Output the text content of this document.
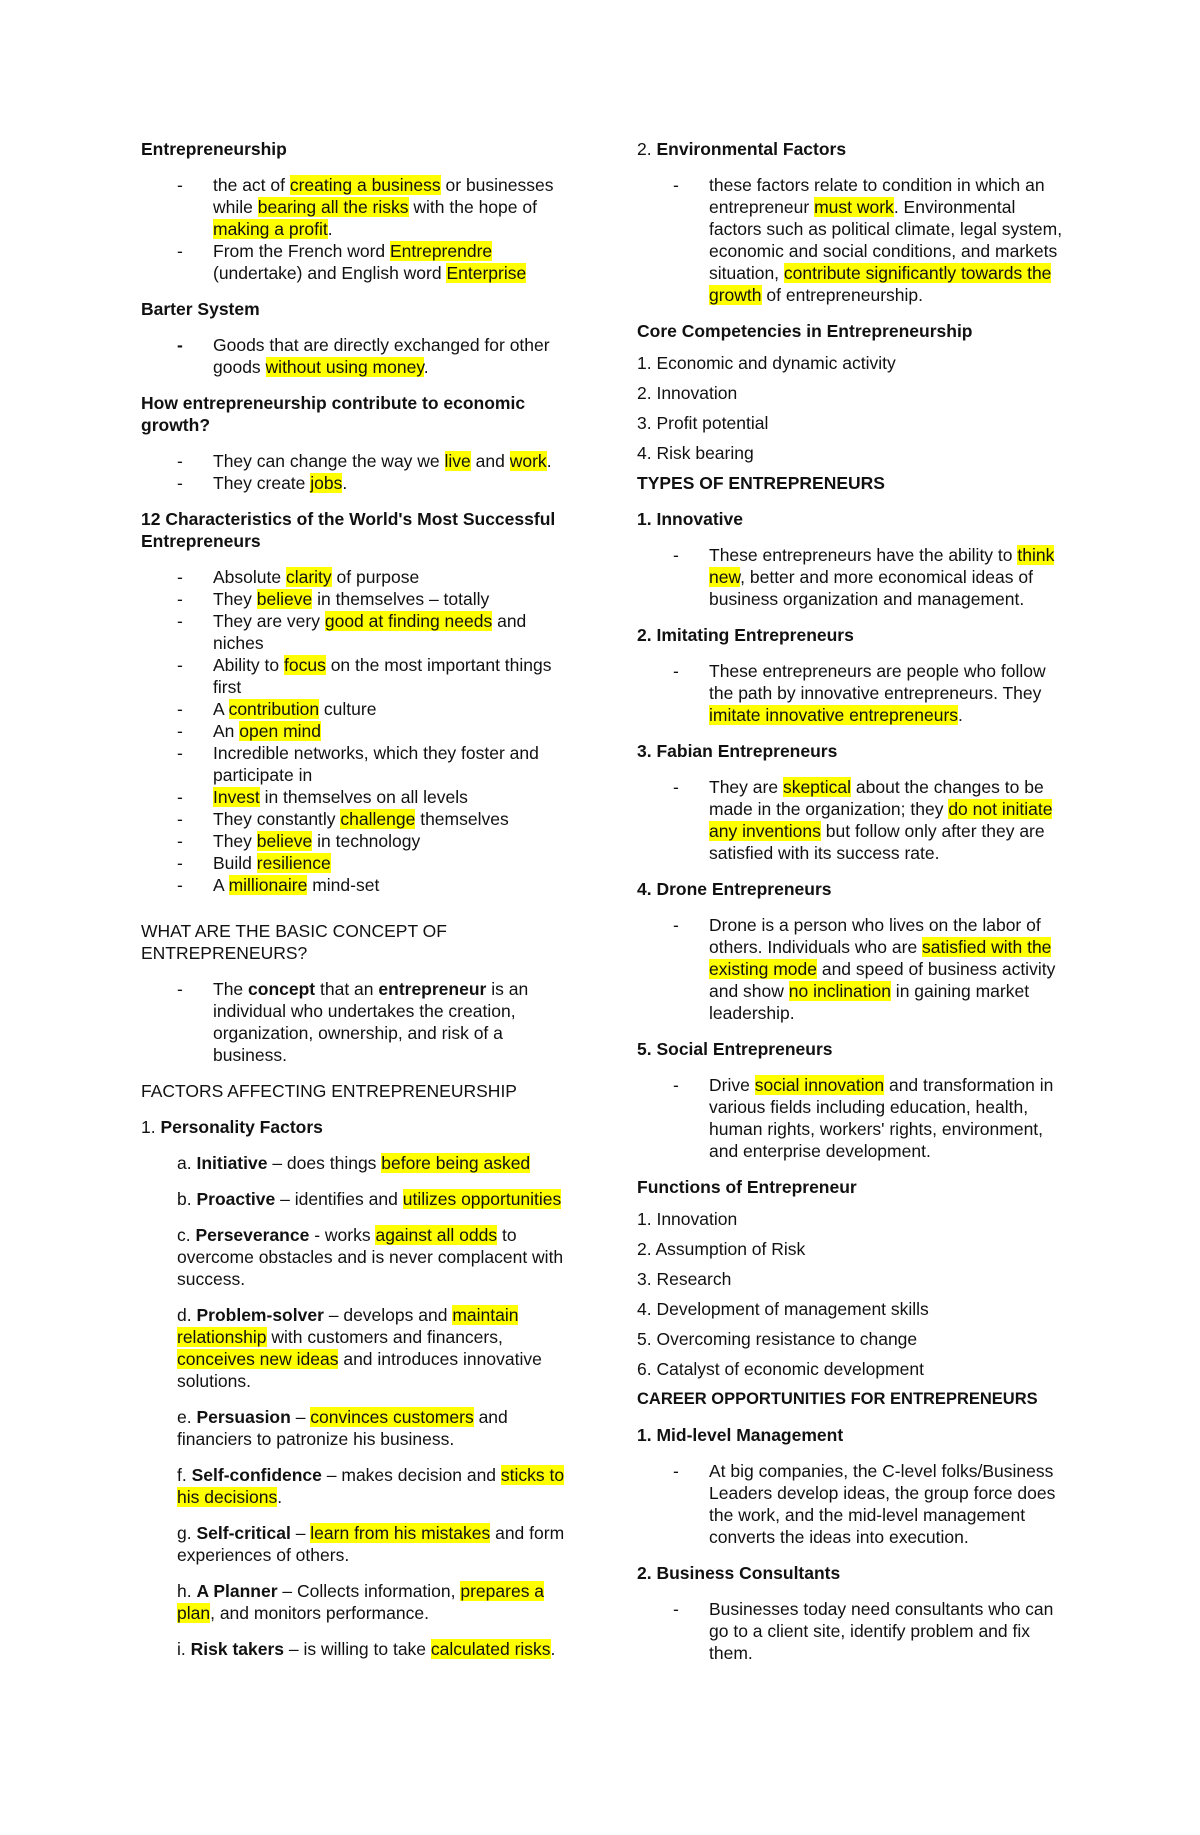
Entrepreneurship
- the act of creating a business or businesses while bearing all the risks with the hope of making a profit.
- From the French word Entreprendre (undertake) and English word Enterprise
Barter System
- Goods that are directly exchanged for other goods without using money.
How entrepreneurship contribute to economic growth?
- They can change the way we live and work.
- They create jobs.
12 Characteristics of the World's Most Successful Entrepreneurs
- Absolute clarity of purpose
- They believe in themselves – totally
- They are very good at finding needs and niches
- Ability to focus on the most important things first
- A contribution culture
- An open mind
- Incredible networks, which they foster and participate in
- Invest in themselves on all levels
- They constantly challenge themselves
- They believe in technology
- Build resilience
- A millionaire mind-set

WHAT ARE THE BASIC CONCEPT OF ENTREPRENEURS?

- The concept that an entrepreneur is an individual who undertakes the creation, organization, ownership, and risk of a business.

FACTORS AFFECTING ENTREPRENEURSHIP

1. Personality Factors

a. Initiative – does things before being asked
b. Proactive – identifies and utilizes opportunities
c. Perseverance - works against all odds to overcome obstacles and is never complacent with success.
d. Problem-solver – develops and maintain relationship with customers and financers, conceives new ideas and introduces innovative solutions.
e. Persuasion – convinces customers and financiers to patronize his business.
f. Self-confidence – makes decision and sticks to his decisions.
g. Self-critical – learn from his mistakes and form experiences of others.
h. A Planner – Collects information, prepares a plan, and monitors performance.
i. Risk takers – is willing to take calculated risks.
2. Environmental Factors
- these factors relate to condition in which an entrepreneur must work. Environmental factors such as political climate, legal system, economic and social conditions, and markets situation, contribute significantly towards the growth of entrepreneurship.
Core Competencies in Entrepreneurship
1. Economic and dynamic activity
2. Innovation
3. Profit potential
4. Risk bearing
TYPES OF ENTREPRENEURS
1. Innovative
- These entrepreneurs have the ability to think new, better and more economical ideas of business organization and management.
2. Imitating Entrepreneurs
- These entrepreneurs are people who follow the path by innovative entrepreneurs. They imitate innovative entrepreneurs.
3. Fabian Entrepreneurs
- They are skeptical about the changes to be made in the organization; they do not initiate any inventions but follow only after they are satisfied with its success rate.
4. Drone Entrepreneurs
- Drone is a person who lives on the labor of others. Individuals who are satisfied with the existing mode and speed of business activity and show no inclination in gaining market leadership.
5. Social Entrepreneurs
- Drive social innovation and transformation in various fields including education, health, human rights, workers' rights, environment, and enterprise development.
Functions of Entrepreneur
1. Innovation
2. Assumption of Risk
3. Research
4. Development of management skills
5. Overcoming resistance to change
6. Catalyst of economic development
CAREER OPPORTUNITIES FOR ENTREPRENEURS
1. Mid-level Management
- At big companies, the C-level folks/Business Leaders develop ideas, the group force does the work, and the mid-level management converts the ideas into execution.
2. Business Consultants
- Businesses today need consultants who can go to a client site, identify problem and fix them.
